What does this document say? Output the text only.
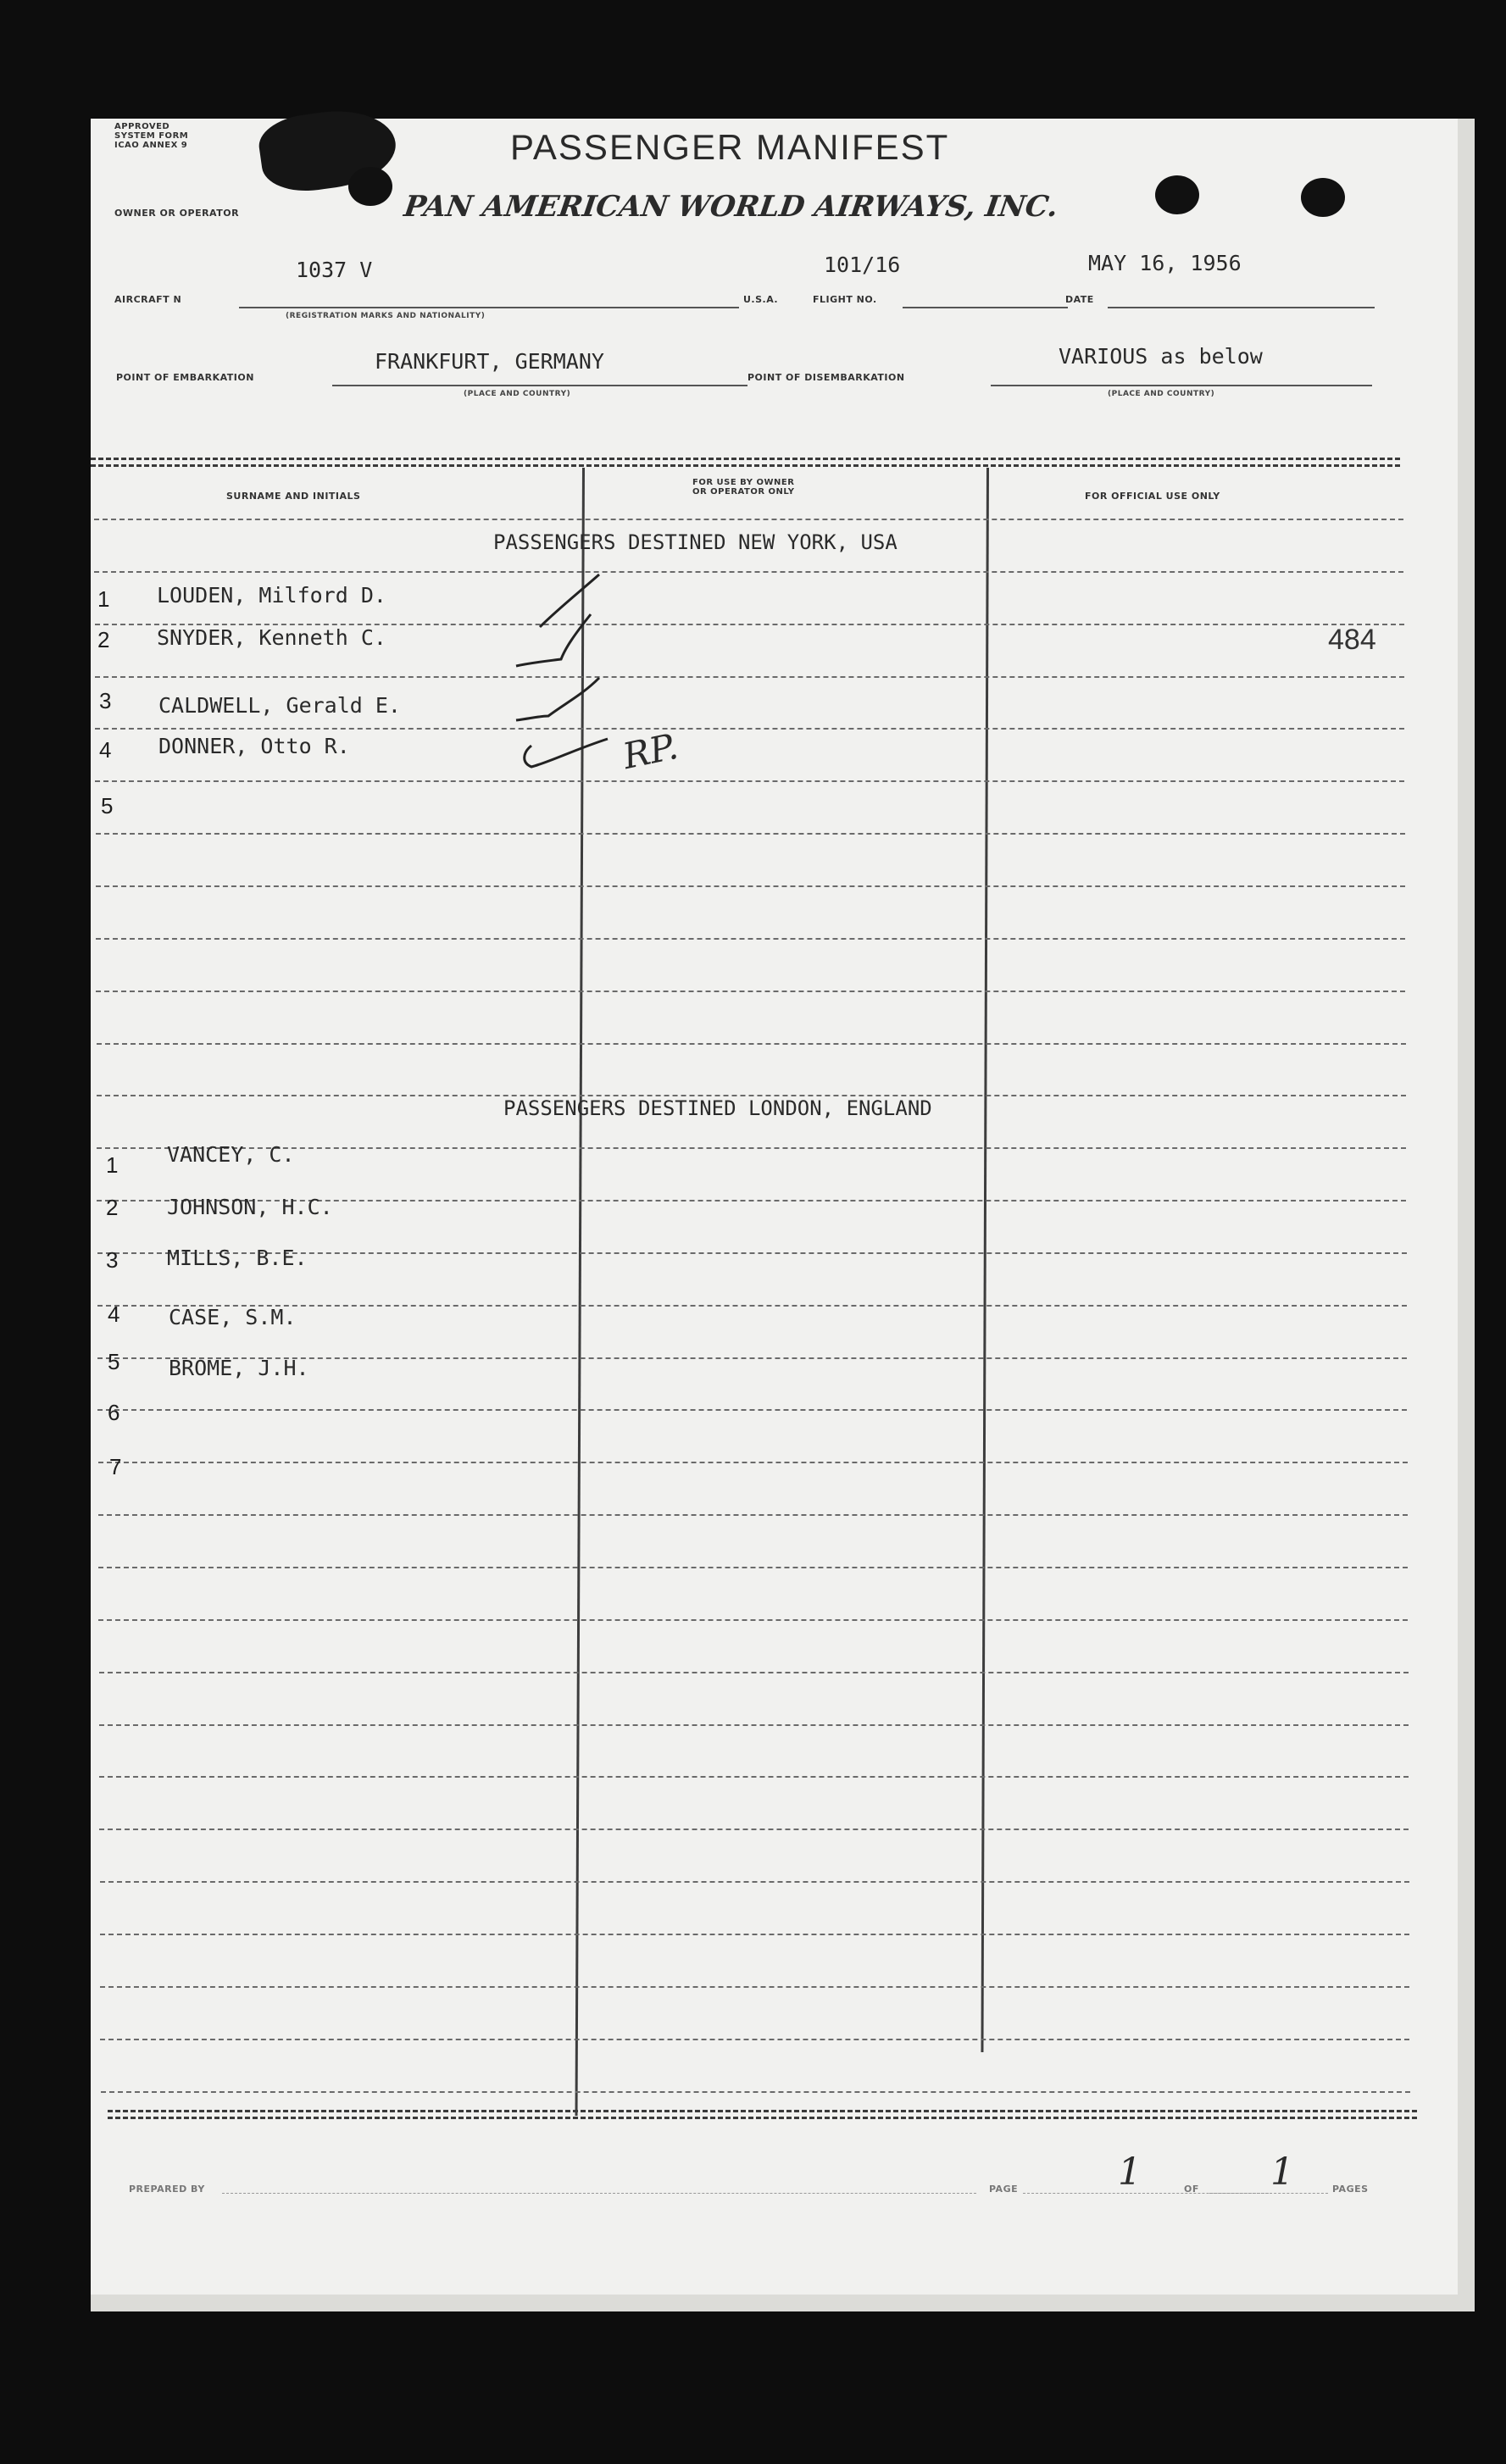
APPROVED
SYSTEM FORM
ICAO ANNEX 9	PASSENGER MANIFEST
OWNER OR OPERATOR	PAN AMERICAN WORLD AIRWAYS, INC.
AIRCRAFT N
1037 V
(REGISTRATION MARKS AND NATIONALITY)
U.S.A.	FLIGHT NO.
101/16
DATE
MAY 16, 1956
POINT OF EMBARKATION
FRANKFURT, GERMANY
(PLACE AND COUNTRY)
POINT OF DISEMBARKATION
VARIOUS as below
(PLACE AND COUNTRY)
SURNAME AND INITIALS
FOR USE BY OWNER
OR OPERATOR ONLY	FOR OFFICIAL USE ONLY
PASSENGERS DESTINED NEW YORK, USA
1 LOUDEN, Milford D.
2 SNYDER, Kenneth C.	484
3 CALDWELL, Gerald E.
4 DONNER, Otto R.
5
RP.
PASSENGERS DESTINED LONDON, ENGLAND
1 VANCEY, C.
2 JOHNSON, H.C.
3 MILLS, B.E.
4 CASE, S.M.
5 BROME, J.H.
6
7
PREPARED BY	PAGE	1	OF 1	PAGES
